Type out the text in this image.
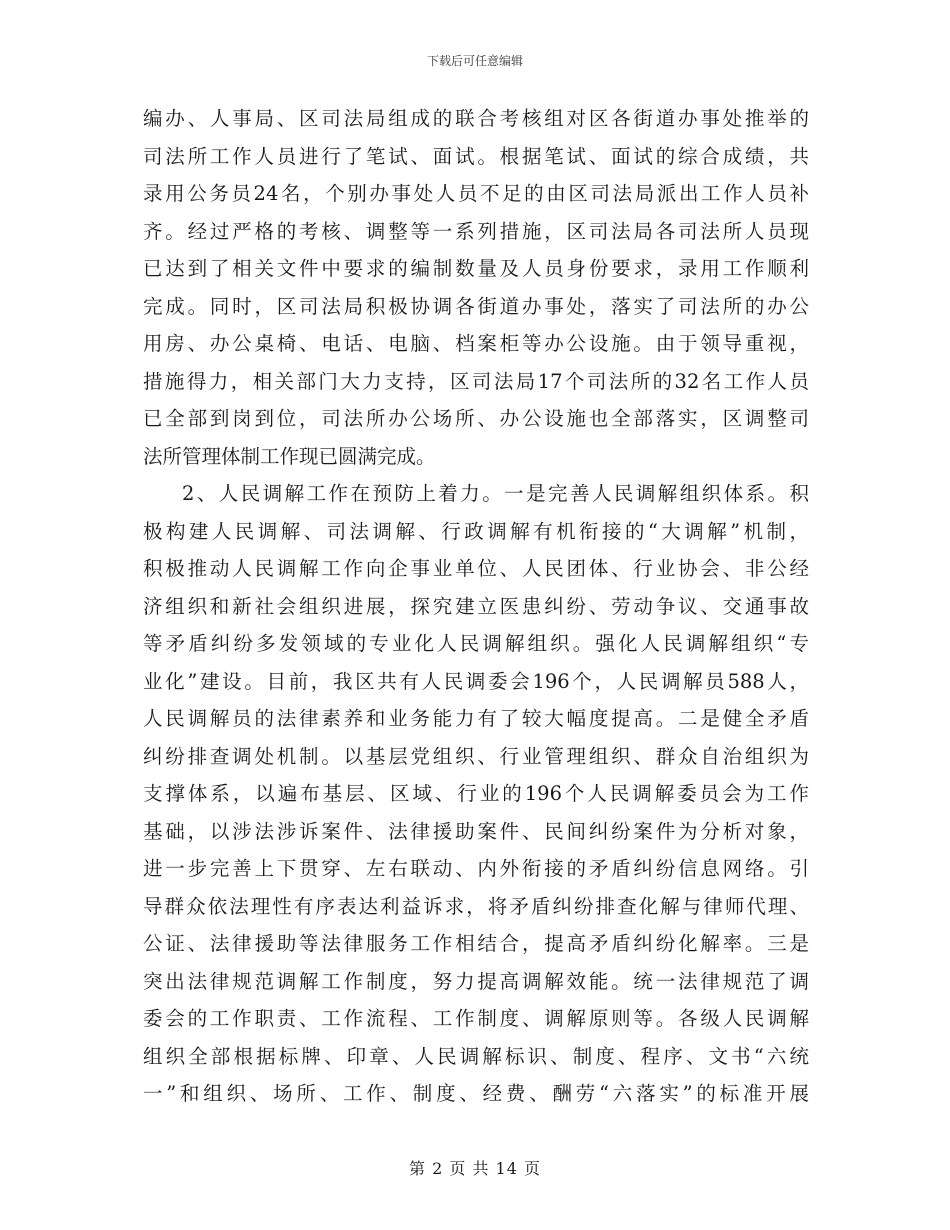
下载后可任意编辑
编办、人事局、区司法局组成的联合考核组对区各街道办事处推举的
司法所工作人员进行了笔试、面试。根据笔试、面试的综合成绩，共
录用公务员24名，个别办事处人员不足的由区司法局派出工作人员补
齐。经过严格的考核、调整等一系列措施，区司法局各司法所人员现
已达到了相关文件中要求的编制数量及人员身份要求，录用工作顺利
完成。同时，区司法局积极协调各街道办事处，落实了司法所的办公
用房、办公桌椅、电话、电脑、档案柜等办公设施。由于领导重视，
措施得力，相关部门大力支持，区司法局17个司法所的32名工作人员
已全部到岗到位，司法所办公场所、办公设施也全部落实，区调整司
法所管理体制工作现已圆满完成。
2、人民调解工作在预防上着力。一是完善人民调解组织体系。积
极构建人民调解、司法调解、行政调解有机衔接的“大调解”机制，
积极推动人民调解工作向企事业单位、人民团体、行业协会、非公经
济组织和新社会组织进展，探究建立医患纠纷、劳动争议、交通事故
等矛盾纠纷多发领域的专业化人民调解组织。强化人民调解组织“专
业化”建设。目前，我区共有人民调委会196个，人民调解员588人，
人民调解员的法律素养和业务能力有了较大幅度提高。二是健全矛盾
纠纷排查调处机制。以基层党组织、行业管理组织、群众自治组织为
支撑体系，以遍布基层、区域、行业的196个人民调解委员会为工作
基础，以涉法涉诉案件、法律援助案件、民间纠纷案件为分析对象，
进一步完善上下贯穿、左右联动、内外衔接的矛盾纠纷信息网络。引
导群众依法理性有序表达利益诉求，将矛盾纠纷排查化解与律师代理、
公证、法律援助等法律服务工作相结合，提高矛盾纠纷化解率。三是
突出法律规范调解工作制度，努力提高调解效能。统一法律规范了调
委会的工作职责、工作流程、工作制度、调解原则等。各级人民调解
组织全部根据标牌、印章、人民调解标识、制度、程序、文书“六统
一”和组织、场所、工作、制度、经费、酬劳“六落实”的标准开展
第 2 页 共 14 页
